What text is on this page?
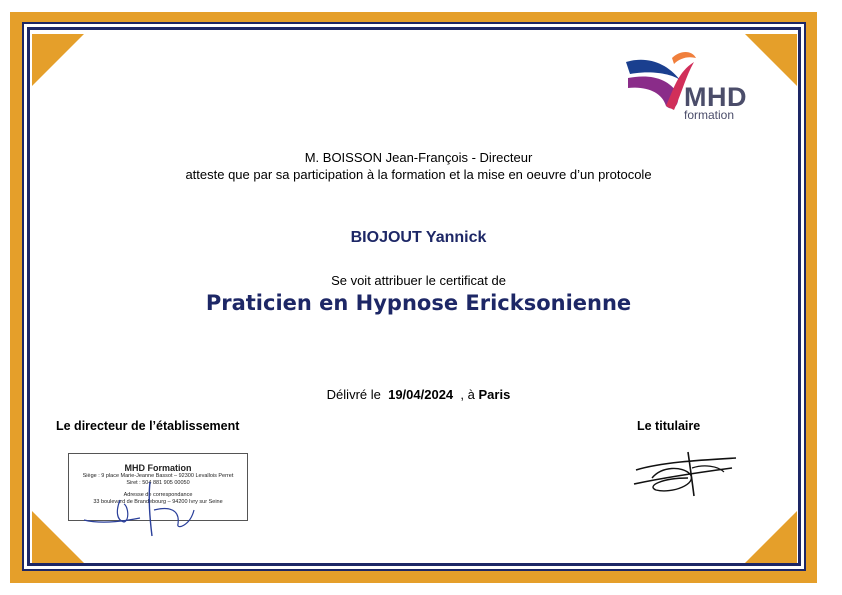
MHD
formation
M. BOISSON Jean-François - Directeur
atteste que par sa participation à la formation et la mise en oeuvre d’un protocole
BIOJOUT Yannick
Se voit attribuer le certificat de
Praticien en Hypnose Ericksonienne
Délivré le 19/04/2024 , à Paris
Le directeur de l’établissement	Le titulaire
MHD Formation
Siège : 9 place Marie-Jeanne Bassot – 92300 Levallois Perret
Siret : 504 881 905 00050
Adresse de correspondance
33 boulevard de Brandebourg – 94200 Ivry sur Seine
